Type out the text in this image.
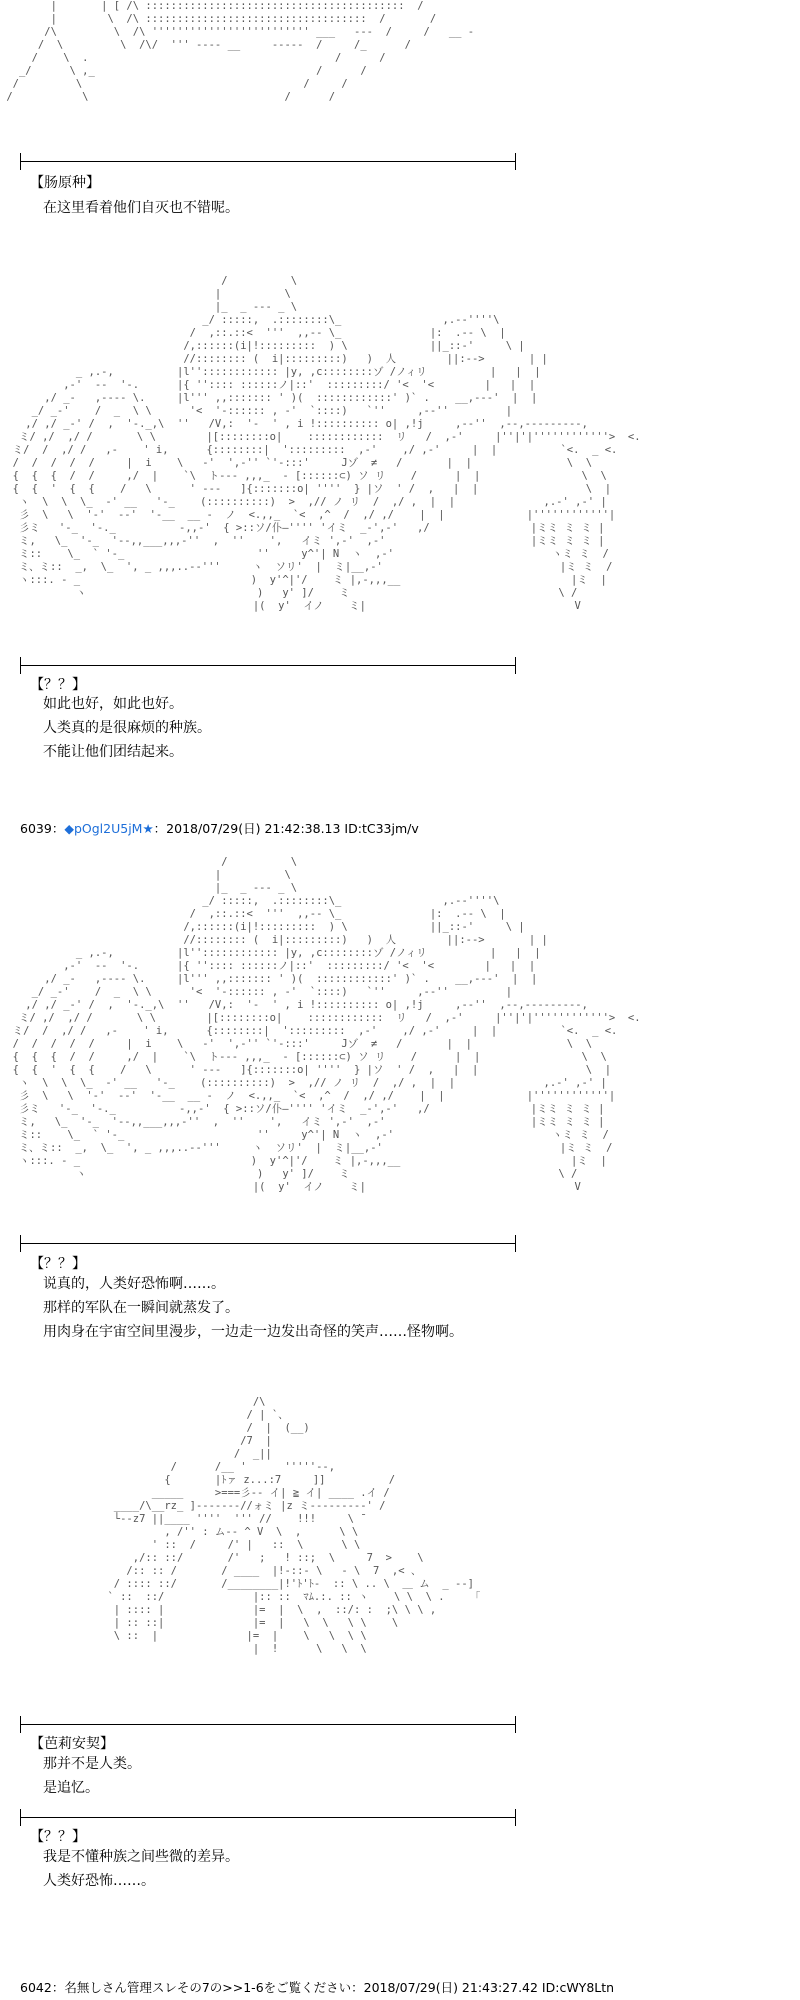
|       | [ /\ :::::::::::::::::::::::::::::::::::::::::  /
|        \  /\ :::::::::::::::::::::::::::::::::::  /       /
/\         \  /\ ''''''''''''''''''''''''' ___   ---  /     /   __ -
/  \         \  /\/  ''' ---- __     -----  /     /_      /
/    \  .                                       /      /
_/      \ ,_                                   /      /
/         \                                   /     /
/           \                               /      /
【肠原种】
在这里看着他们自灭也不错呢。
/          \
|          \
|_  _ --- _ \
_/ :::::,  .::::::::\_                ,.--''''\
/  ,::.::<  '''  ,,-- \_              |:  .-- \  |
/,::::::(i|!:::::::::  ) \             ||_::-'     \ |
//:::::::: (  i|:::::::::)   )  人        ||:-->       | |
_ ,.-,          |l'':::::::::::: |y, ,c::::::::ゾ /ノィリ          |   |  |
,-'  --  '-.      |{ '':::: ::::::ノ|::'  :::::::::/ '<  '<        |   |  |
,/ _-   ,---- \.     |l''' ,,::::::: ' )(  ::::::::::::' )` .    __,---'  |  |
_/ _-'    /  _  \ \      '<  '-:::::: , -'  `::::)   `''     ,--''         |
,/ ,/ _-' /  ,  '-._,\  ''   /V,:  '-  ' , i !:::::::::: o| ,!j     ,--''  ,--,---------,
ミ/ ,/  ,/ /       \ \        |[::::::::o|    ::::::::::::  リ   /  ,-'     |''|'|''''''''''''>  <.
ミ/  /  ,/ /   ,-    ' i,      {::::::::|  ':::::::::  ,-'    ,/ ,-'     |  |          `<.  _ <.
/  /  /  /  /     |  i    \   -'  ',-'' `'-:::'     Jゾ  ≠   /       |  |               \  \
{  {  {  /  /     ,/  |    `\  ト--- ,,,_  ‐ [::::::⊂) ソ リ    /      |  |                \  \
{  {  '  {  {    /   \      ' ---   ]{:::::::o| ''''  } |ソ  ' /  ,   |  |                 \  |
ヽ  \  \  \_  -' __   '-_    (::::::::::)  >  ,// ノ リ  /  ,/ ,  |  |              ,.-' ,-' |
彡  \   \  '-'  --'  '-__  __ -  ノ  <.,,_  `<  ,^  /  ,/ ,/    |  |             |''''''''''''|
彡ミ   '-_  '-._          -,,-'  { >::ソ/仆―'''' 'イミ  _-',-'   ,/                |ミミ ミ ミ |
ミ,   \_  '-_  '--,,___,,,-''  ,  ''    ',   イミ ',-'  ,-'                       |ミミ ミ ミ |
ミ::    \_  ` '-_                     ''     y^'| N  ヽ  ,-'                         ヽミ ミ  /
ミ、ミ::  _,  \_  ', _ ,,,..--'''     ヽ  ソリ'  |  ミ|__,-'                            |ミ ミ  /
ヽ:::. - _                           )  y'^|'/    ミ |,-,,,__                           |ミ  |
ヽ                           )   y' ]/    ミ                                 \ /
|(  y'  イノ    ミ|                                 V
【？？】
如此也好，如此也好。
人类真的是很麻烦的种族。
不能让他们团结起来。
6039：◆pOgl2U5jM★：2018/07/29(日) 21:42:38.13 ID:tC33jm/v
/          \
|          \
|_  _ --- _ \
_/ :::::,  .::::::::\_                ,.--''''\
/  ,::.::<  '''  ,,-- \_              |:  .-- \  |
/,::::::(i|!:::::::::  ) \             ||_::-'     \ |
//:::::::: (  i|:::::::::)   )  人        ||:-->       | |
_ ,.-,          |l'':::::::::::: |y, ,c::::::::ゾ /ノィリ          |   |  |
,-'  --  '-.      |{ '':::: ::::::ノ|::'  :::::::::/ '<  '<        |   |  |
,/ _-   ,---- \.     |l''' ,,::::::: ' )(  ::::::::::::' )` .    __,---'  |  |
_/ _-'    /  _  \ \      '<  '-:::::: , -'  `::::)   `''     ,--''         |
,/ ,/ _-' /  ,  '-._,\  ''   /V,:  '-  ' , i !:::::::::: o| ,!j     ,--''  ,--,---------,
ミ/ ,/  ,/ /       \ \        |[::::::::o|    ::::::::::::  リ   /  ,-'     |''|'|''''''''''''>  <.
ミ/  /  ,/ /   ,-    ' i,      {::::::::|  ':::::::::  ,-'    ,/ ,-'     |  |          `<.  _ <.
/  /  /  /  /     |  i    \   -'  ',-'' `'-:::'     Jゾ  ≠   /       |  |               \  \
{  {  {  /  /     ,/  |    `\  ト--- ,,,_  ‐ [::::::⊂) ソ リ    /      |  |                \  \
{  {  '  {  {    /   \      ' ---   ]{:::::::o| ''''  } |ソ  ' /  ,   |  |                 \  |
ヽ  \  \  \_  -' __   '-_    (::::::::::)  >  ,// ノ リ  /  ,/ ,  |  |              ,.-' ,-' |
彡  \   \  '-'  --'  '-__  __ -  ノ  <.,,_  `<  ,^  /  ,/ ,/    |  |             |''''''''''''|
彡ミ   '-_  '-._          -,,-'  { >::ソ/仆―'''' 'イミ  _-',-'   ,/                |ミミ ミ ミ |
ミ,   \_  '-_  '--,,___,,,-''  ,  ''    ',   イミ ',-'  ,-'                       |ミミ ミ ミ |
ミ::    \_  ` '-_                     ''     y^'| N  ヽ  ,-'                         ヽミ ミ  /
ミ、ミ::  _,  \_  ', _ ,,,..--'''     ヽ  ソリ'  |  ミ|__,-'                            |ミ ミ  /
ヽ:::. - _                           )  y'^|'/    ミ |,-,,,__                           |ミ  |
ヽ                           )   y' ]/    ミ                                 \ /
|(  y'  イノ    ミ|                                 V
【？？】
说真的，人类好恐怖啊……。
那样的军队在一瞬间就蒸发了。
用肉身在宇宙空间里漫步，一边走一边发出奇怪的笑声……怪物啊。
/\
/ | `、
/  |  (__)
/7  |
/  _||
/      /__ '      '''''--,
{       |ﾄァ z...:7     ]]          /
_____     >===彡-- イ| ≧ イ| ____ .イ /
____/\__rz_ ]-------//ォミ |z ミ--------‐' /
└--z7 ||____ ''''  ''' //    !!!     \ ̄
, /'' : ム-- ^ V  \  ,      \ \
' ::  /     /' |   ::  \      \ \
,/:: ::/       /'   ;   ! ::;  \     7  >    \
/:: :: /       / ____  |!-::- \   ‐ \  7  ,< 、
/ :::: ::/       /________|!'ﾄ'ﾄ-  :: \ .. \  ＿ ム  _ --]
` ::  ::/              |:: ::  ﾏﾑ.:. :: ヽ    \ \  \ .    「
| :::: |              |=  |  \  ,  ::/: :  ;\ \ \ ,
| :: ::|              |=  |   \  \   \ \    \
\ ::  |              |=  |    \   \  \ \
|  !      \   \  \
【芭莉安契】
那并不是人类。
是追忆。
【？？】
我是不懂种族之间些微的差异。
人类好恐怖……。
6042：名無しさん管理スレその7の>>1-6をご覧ください：2018/07/29(日) 21:43:27.42 ID:cWY8Ltn
